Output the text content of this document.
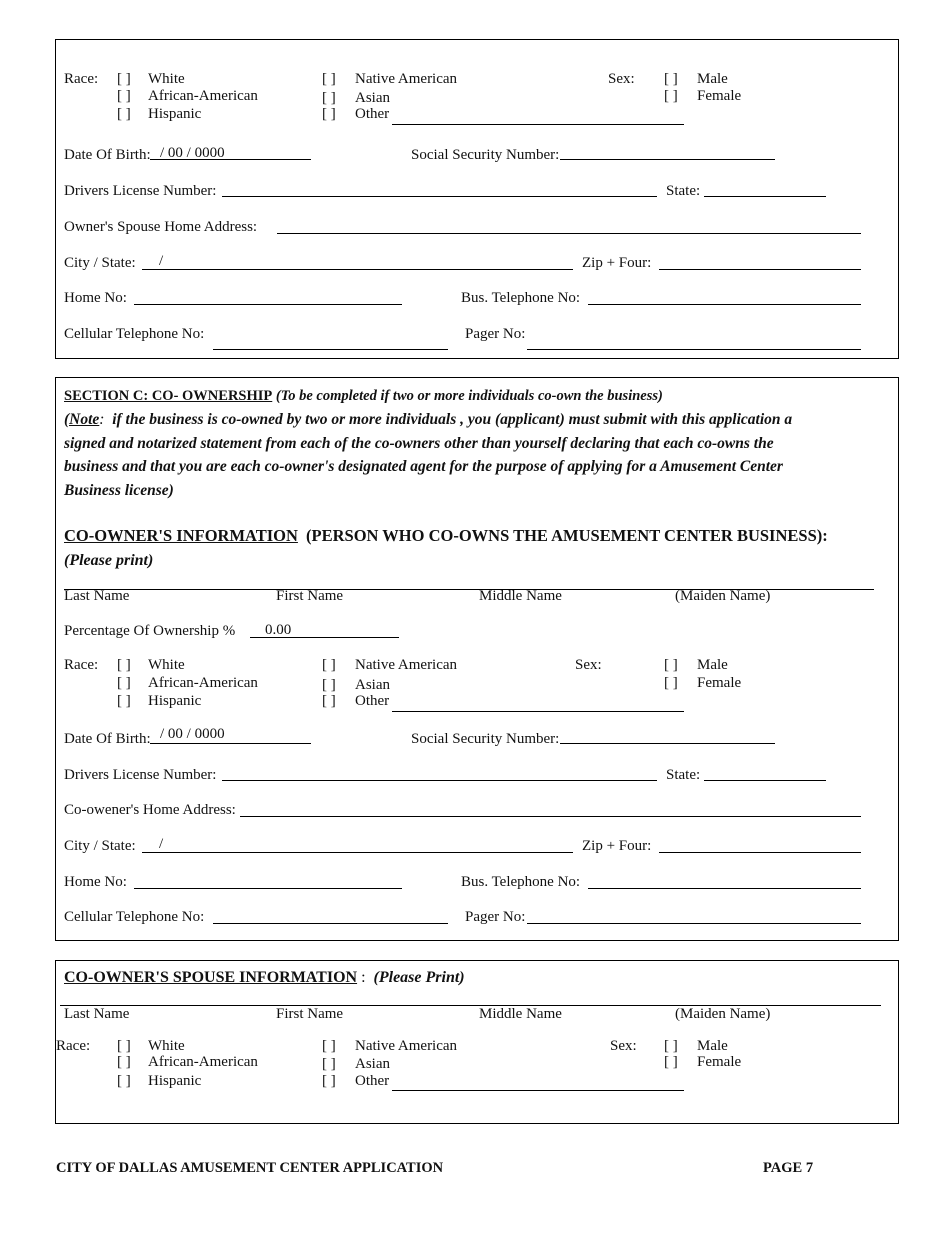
Race: [ ] White
[ ] African-American
[ ] Hispanic
[ ] Native American
[ ] Asian
[ ] Other
Sex: [ ] Male
[ ] Female
Date Of Birth: / 00 / 0000	Social Security Number:
Drivers License Number:	State:
Owner's Spouse Home Address:
City / State: /	Zip + Four:
Home No:	Bus. Telephone No:
Cellular Telephone No:	Pager No:
SECTION C: CO- OWNERSHIP (To be completed if two or more individuals co-own the business)
(Note: if the business is co-owned by two or more individuals , you (applicant) must submit with this application a
signed and notarized statement from each of the co-owners other than yourself declaring that each co-owns the
business and that you are each co-owner's designated agent for the purpose of applying for a Amusement Center
Business license)
CO-OWNER'S INFORMATION (PERSON WHO CO-OWNS THE AMUSEMENT CENTER BUSINESS):
(Please print)
Last Name	First Name	Middle Name	(Maiden Name)
Percentage Of Ownership % 0.00
Race: [ ] White
[ ] African-American
[ ] Hispanic
[ ] Native American
[ ] Asian
[ ] Other
Sex:	[ ] Male
[ ] Female
Date Of Birth: / 00 / 0000	Social Security Number:
Drivers License Number:	State:
Co-owener's Home Address:
City / State: /	Zip + Four:
Home No:	Bus. Telephone No:
Cellular Telephone No:	Pager No:
CO-OWNER'S SPOUSE INFORMATION : (Please Print)
Last Name	First Name	Middle Name	(Maiden Name)
Race: [ ] White
[ ] African-American
[ ] Hispanic
[ ] Native American
[ ] Asian
[ ] Other
Sex: [ ] Male
[ ] Female
CITY OF DALLAS AMUSEMENT CENTER APPLICATION	PAGE 7
